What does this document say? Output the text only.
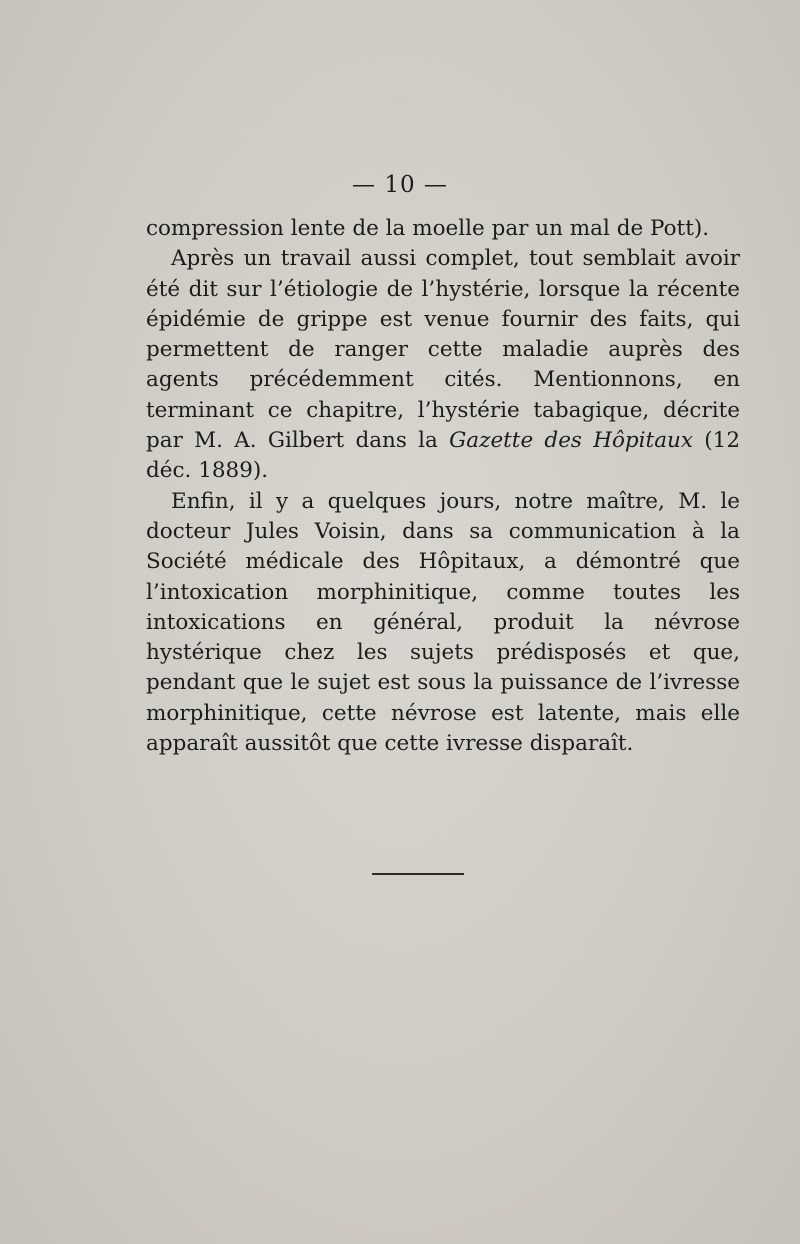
— 10 —

compression lente de la moelle par un mal de Pott).

Après un travail aussi complet, tout semblait avoir été dit sur l’étiologie de l’hystérie, lorsque la récente épidémie de grippe est venue fournir des faits, qui permettent de ranger cette maladie auprès des agents précédemment cités. Mentionnons, en terminant ce chapitre, l’hystérie tabagique, décrite par M. A. Gilbert dans la Gazette des Hôpitaux (12 déc. 1889).

Enfin, il y a quelques jours, notre maître, M. le docteur Jules Voisin, dans sa communication à la Société médicale des Hôpitaux, a démontré que l’intoxication morphinitique, comme toutes les intoxications en général, produit la névrose hystérique chez les sujets prédisposés et que, pendant que le sujet est sous la puissance de l’ivresse morphinitique, cette névrose est latente, mais elle apparaît aussitôt que cette ivresse disparaît.
